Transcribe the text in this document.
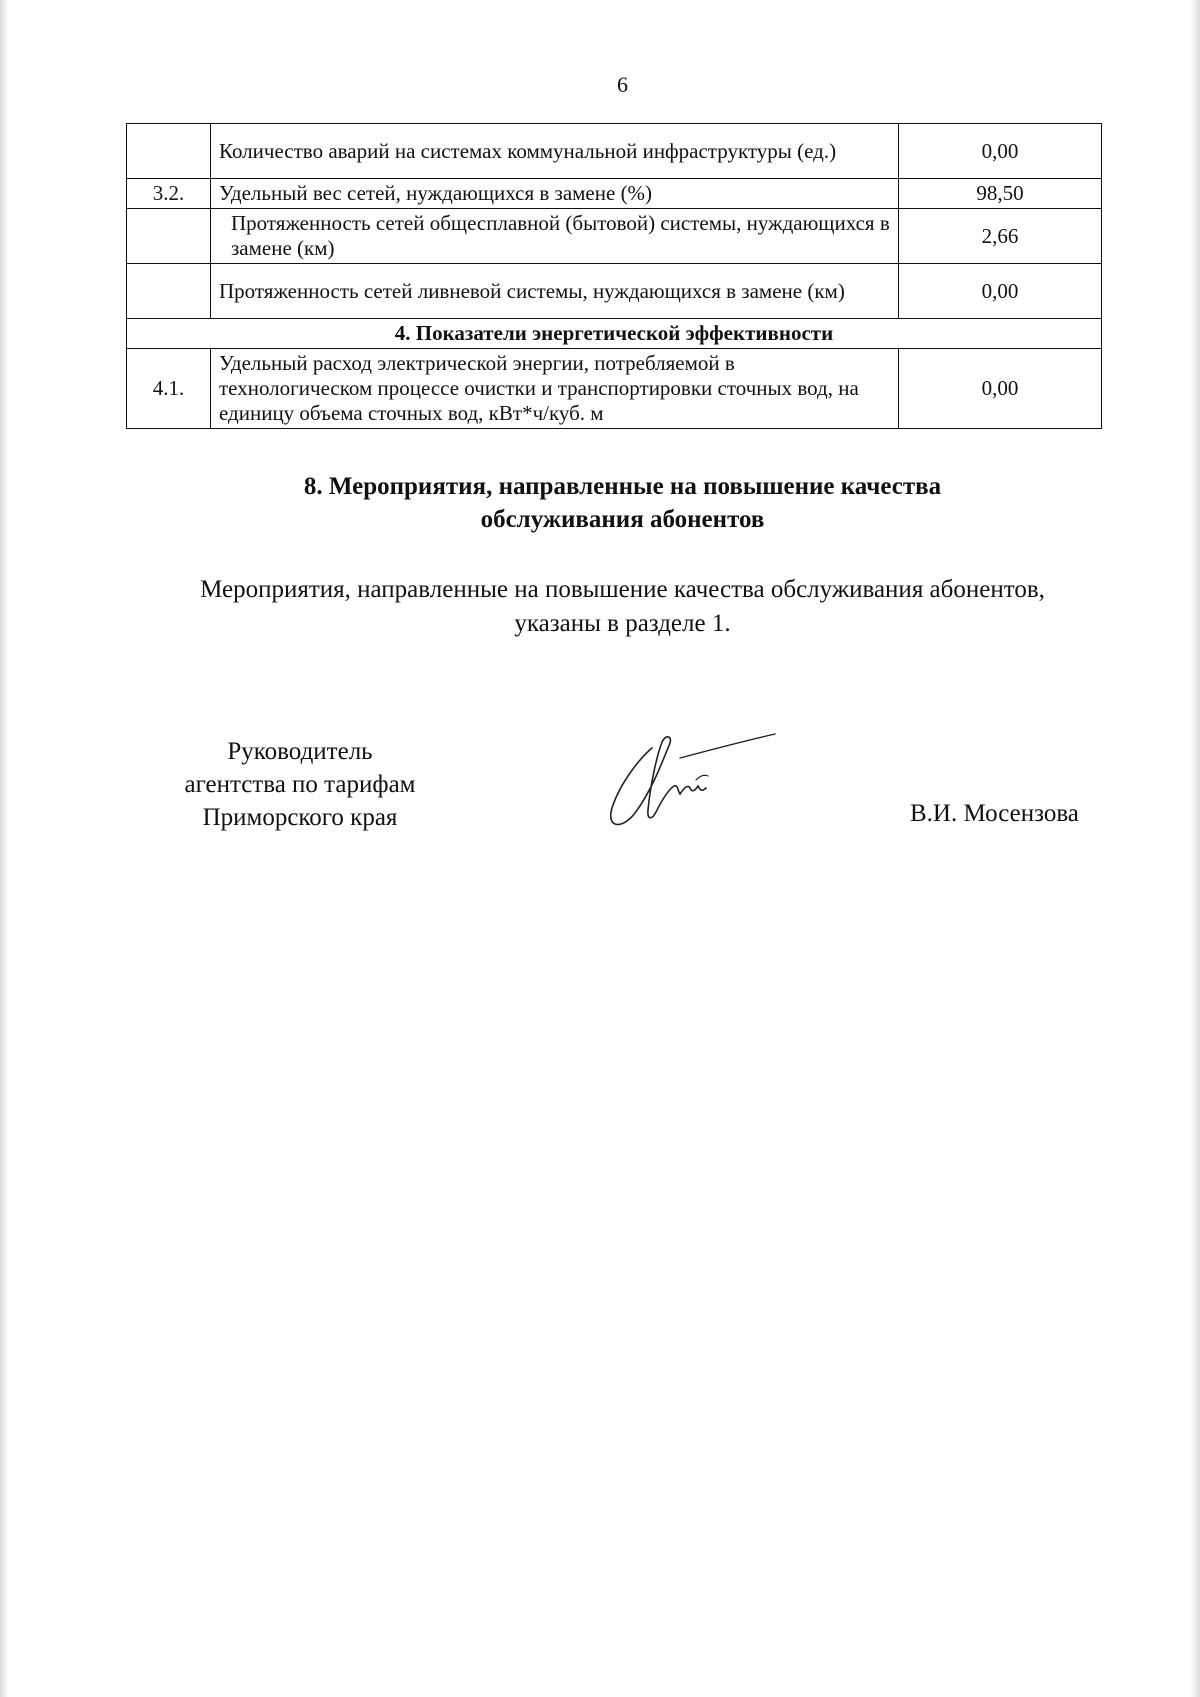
6
	Количество аварий на системах коммунальной инфраструктуры (ед.)	0,00
3.2.	Удельный вес сетей, нуждающихся в замене (%)	98,50
	Протяженность сетей общесплавной (бытовой) системы, нуждающихся в замене (км)	2,66
	Протяженность сетей ливневой системы, нуждающихся в замене (км)	0,00
4. Показатели энергетической эффективности		
4.1.	Удельный расход электрической энергии, потребляемой в технологическом процессе очистки и транспортировки сточных вод, на единицу объема сточных вод, кВт*ч/куб. м	0,00
8. Мероприятия, направленные на повышение качества
обслуживания абонентов
Мероприятия, направленные на повышение качества обслуживания абонентов,
указаны в разделе 1.
Руководитель
агентства по тарифам
Приморского края	В.И. Мосензова
